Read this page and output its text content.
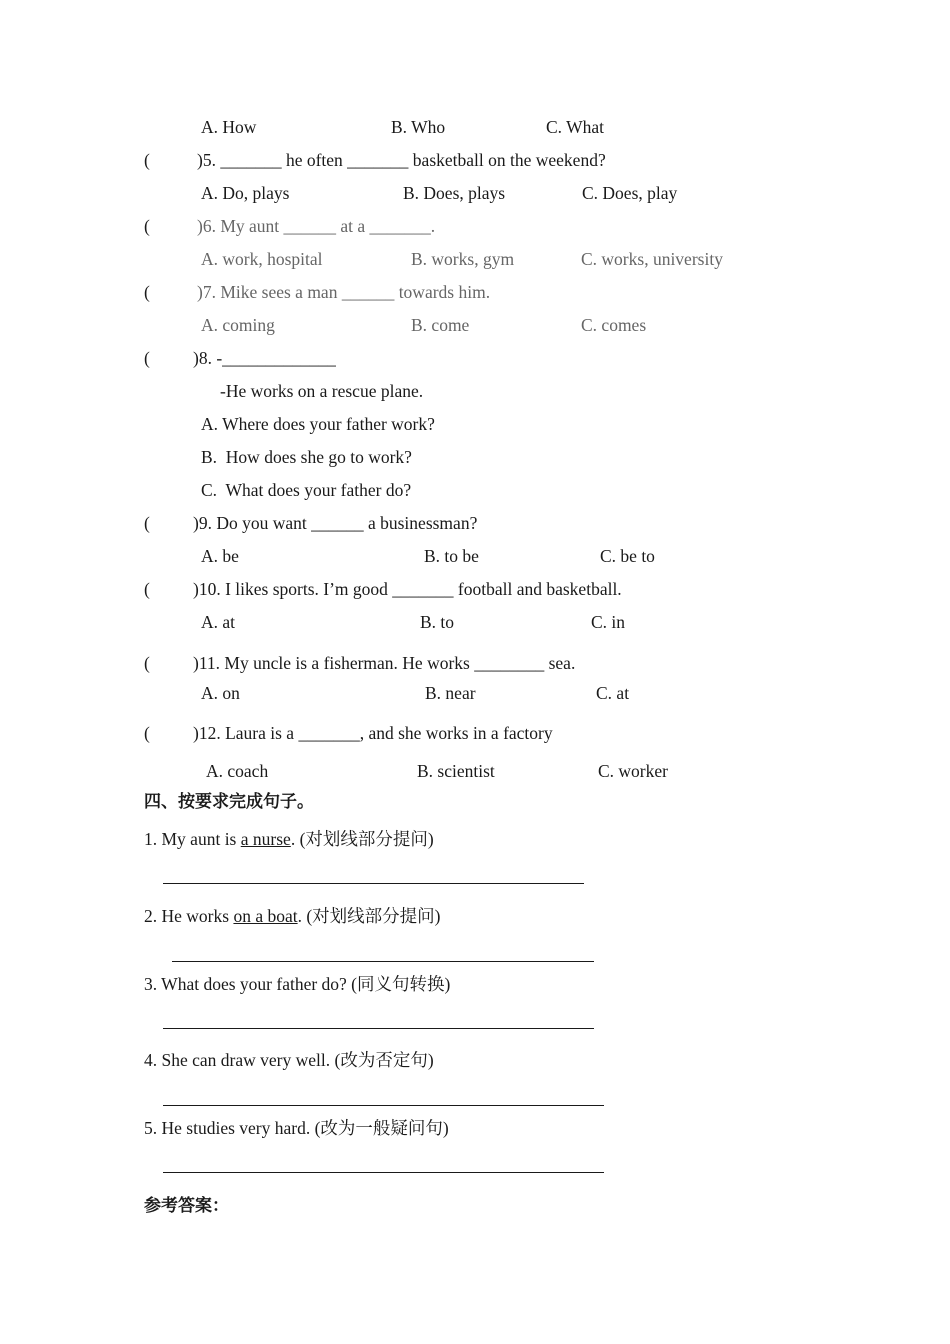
A. How	B. Who	C. What
(	)5. _______ he often _______ basketball on the weekend?
A. Do, plays	B. Does, plays	C. Does, play
(	)6. My aunt ______ at a _______.
A. work, hospital	B. works, gym	C. works, university
(	)7. Mike sees a man ______ towards him.
A. coming	B. come	C. comes
( )8. -_____________
-He works on a rescue plane.
A. Where does your father work?
B.  How does she go to work?
C.  What does your father do?
( )9. Do you want ______ a businessman?
A. be	B. to be	C. be to
( )10. I likes sports. I’m good _______ football and basketball.
A. at	B. to	C. in
( )11. My uncle is a fisherman. He works ________ sea.
A. on	B. near	C. at
( )12. Laura is a _______, and she works in a factory
A. coach	B. scientist	C. worker
四、按要求完成句子。
1. My aunt is a nurse. (对划线部分提问)
2. He works on a boat. (对划线部分提问)
3. What does your father do? (同义句转换)
4. She can draw very well. (改为否定句)
5. He studies very hard. (改为一般疑问句)
参考答案：
